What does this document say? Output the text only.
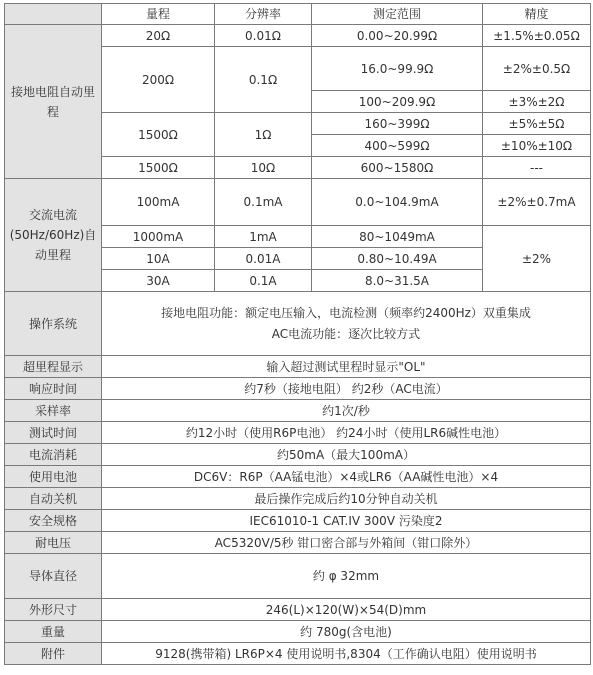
	量程	分辨率	测定范围	精度
接地电阻自动里程	20Ω	0.01Ω	0.00~20.99Ω	±1.5%±0.05Ω
	200Ω	0.1Ω	16.0~99.9Ω	±2%±0.5Ω
			100~209.9Ω	±3%±2Ω
	1500Ω	1Ω	160~399Ω	±5%±5Ω
			400~599Ω	±10%±10Ω
	1500Ω	10Ω	600~1580Ω	---
交流电流(50Hz/60Hz)自动里程	100mA	0.1mA	0.0~104.9mA	±2%±0.7mA
	1000mA	1mA	80~1049mA	±2%
	10A	0.01A	0.80~10.49A	
	30A	0.1A	8.0~31.5A	
操作系统	接地电阻功能：额定电压输入，电流检测（频率约2400Hz）双重集成
AC电流功能：逐次比较方式			

超里程显示	输入超过测试里程时显示"OL"			
响应时间	约7秒（接地电阻） 约2秒（AC电流）			
采样率	约1次/秒			
测试时间	约12小时（使用R6P电池） 约24小时（使用LR6碱性电池）			
电流消耗	约50mA（最大100mA）			
使用电池	DC6V：R6P（AA锰电池）×4或LR6（AA碱性电池）×4			
自动关机	最后操作完成后约10分钟自动关机			
安全规格	IEC61010-1 CAT.IV 300V 污染度2			
耐电压	AC5320V/5秒 钳口密合部与外箱间（钳口除外）			
导体直径	约 φ 32mm			
外形尺寸	246(L)×120(W)×54(D)mm			
重量	约 780g(含电池)			
附件	9128(携带箱) LR6P×4 使用说明书,8304（工作确认电阻）使用说明书			
